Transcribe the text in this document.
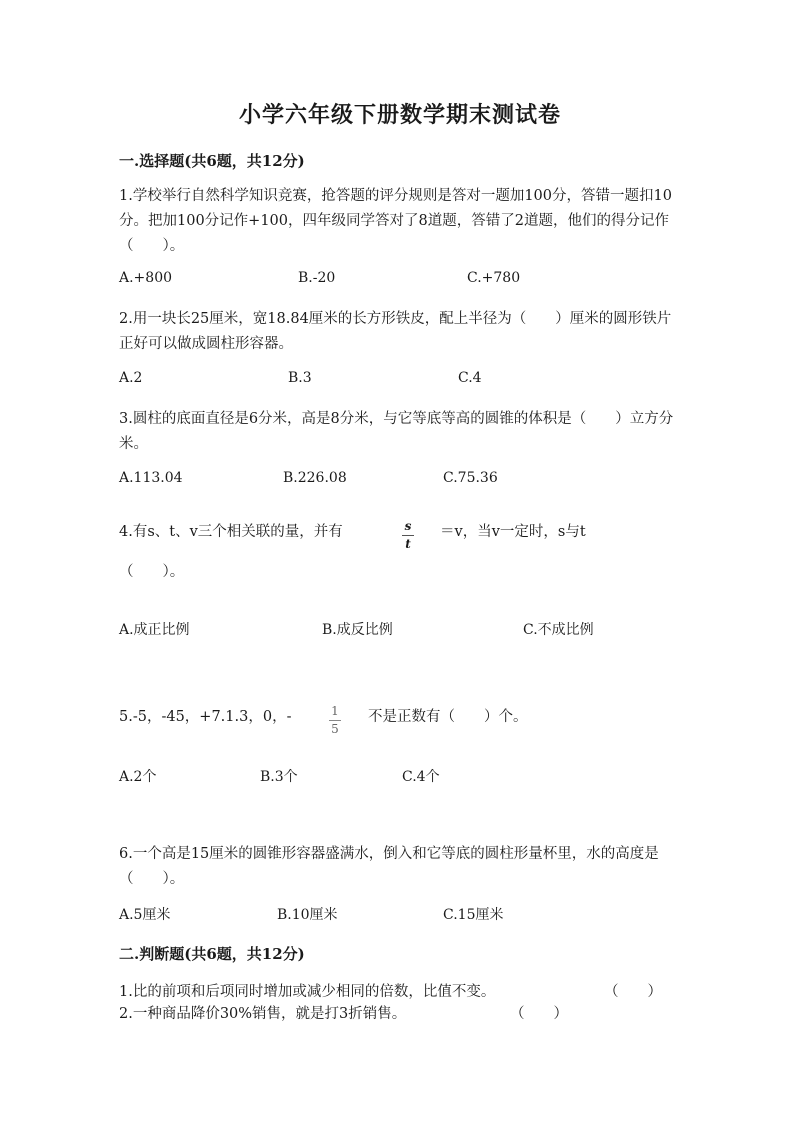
小学六年级下册数学期末测试卷
一.选择题(共6题，共12分)
1.学校举行自然科学知识竞赛，抢答题的评分规则是答对一题加100分，答错一题扣10分。把加100分记作+100，四年级同学答对了8道题，答错了2道题，他们的得分记作（　　）。
A.+800	B.-20	C.+780
2.用一块长25厘米，宽18.84厘米的长方形铁皮，配上半径为（　　）厘米的圆形铁片正好可以做成圆柱形容器。
A.2	B.3	C.4
3.圆柱的底面直径是6分米，高是8分米，与它等底等高的圆锥的体积是（　　）立方分米。
A.113.04	B.226.08	C.75.36
4.有s、t、v三个相关联的量，并有	s
t
＝v，当v一定时，s与t
（　　）。
A.成正比例	B.成反比例	C.不成比例
5.-5，-45，+7.1.3，0，-	1
5
不是正数有（　　）个。
A.2个	B.3个	C.4个
6.一个高是15厘米的圆锥形容器盛满水，倒入和它等底的圆柱形量杯里，水的高度是（　　）。
A.5厘米	B.10厘米	C.15厘米
二.判断题(共6题，共12分)
1.比的前项和后项同时增加或减少相同的倍数，比值不变。	（　　）
2.一种商品降价30%销售，就是打3折销售。	（　　）
